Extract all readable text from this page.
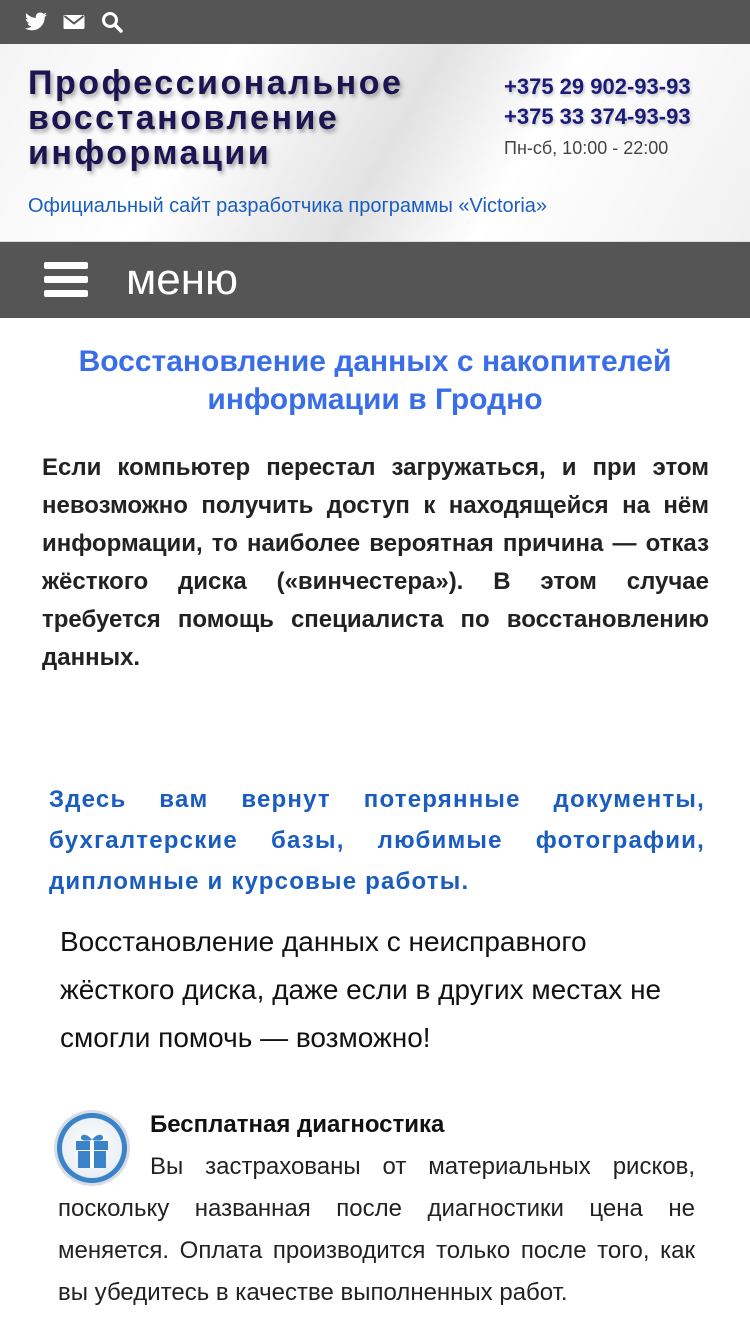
Профессиональное восстановление информации
+375 29 902-93-93
+375 33 374-93-93
Пн-сб, 10:00 - 22:00
Официальный сайт разработчика программы «Victoria»
меню
Восстановление данных с накопителей информации в Гродно

Если компьютер перестал загружаться, и при этом невозможно получить доступ к находящейся на нём информации, то наиболее вероятная причина — отказ жёсткого диска («винчестера»). В этом случае требуется помощь специалиста по восстановлению данных.

Здесь вам вернут потерянные документы, бухгалтерские базы, любимые фотографии, дипломные и курсовые работы.

Восстановление данных с неисправного жёсткого диска, даже если в других местах не смогли помочь — возможно!

Бесплатная диагностика

Вы застрахованы от материальных рисков, поскольку названная после диагностики цена не меняется. Оплата производится только после того, как вы убедитесь в качестве выполненных работ.
